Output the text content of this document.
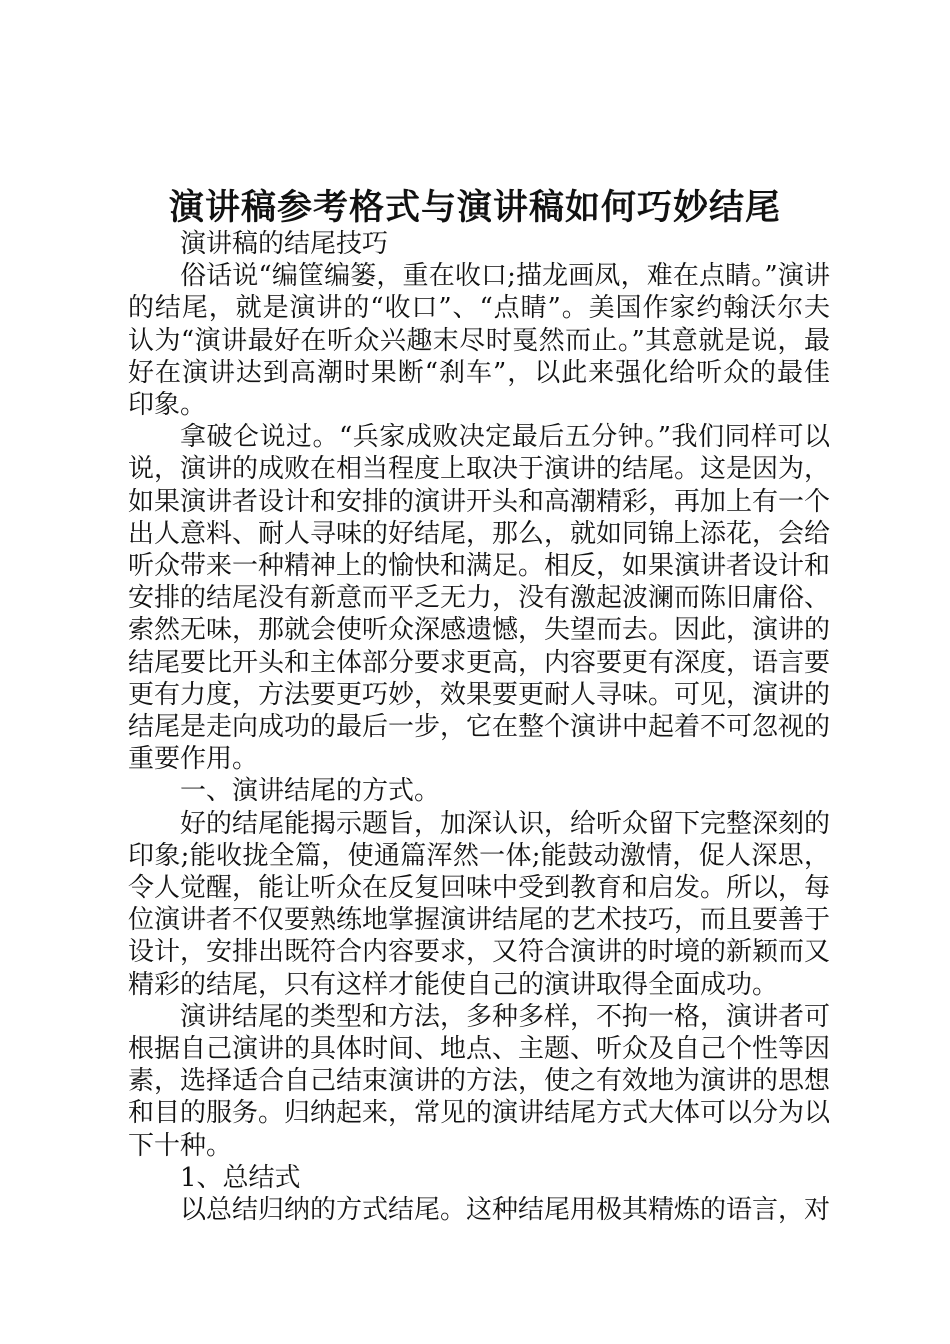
演讲稿参考格式与演讲稿如何巧妙结尾

演讲稿的结尾技巧

俗话说“编筐编篓，重在收口;描龙画凤，难在点睛。”演讲的结尾，就是演讲的“收口”、“点睛”。美国作家约翰沃尔夫认为“演讲最好在听众兴趣末尽时戛然而止。”其意就是说，最好在演讲达到高潮时果断“刹车”，以此来强化给听众的最佳印象。

拿破仑说过。“兵家成败决定最后五分钟。”我们同样可以说，演讲的成败在相当程度上取决于演讲的结尾。这是因为，如果演讲者设计和安排的演讲开头和高潮精彩，再加上有一个出人意料、耐人寻味的好结尾，那么，就如同锦上添花，会给听众带来一种精神上的愉快和满足。相反，如果演讲者设计和安排的结尾没有新意而平乏无力，没有激起波澜而陈旧庸俗、索然无味，那就会使听众深感遗憾，失望而去。因此，演讲的结尾要比开头和主体部分要求更高，内容要更有深度，语言要更有力度，方法要更巧妙，效果要更耐人寻味。可见，演讲的结尾是走向成功的最后一步，它在整个演讲中起着不可忽视的重要作用。

一、演讲结尾的方式。

好的结尾能揭示题旨，加深认识，给听众留下完整深刻的印象;能收拢全篇，使通篇浑然一体;能鼓动激情，促人深思，令人觉醒，能让听众在反复回味中受到教育和启发。所以，每位演讲者不仅要熟练地掌握演讲结尾的艺术技巧，而且要善于设计，安排出既符合内容要求，又符合演讲的时境的新颖而又精彩的结尾，只有这样才能使自己的演讲取得全面成功。

演讲结尾的类型和方法，多种多样，不拘一格，演讲者可根据自己演讲的具体时间、地点、主题、听众及自己个性等因素，选择适合自己结束演讲的方法，使之有效地为演讲的思想和目的服务。归纳起来，常见的演讲结尾方式大体可以分为以下十种。

1、总结式

以总结归纳的方式结尾。这种结尾用极其精炼的语言，对
